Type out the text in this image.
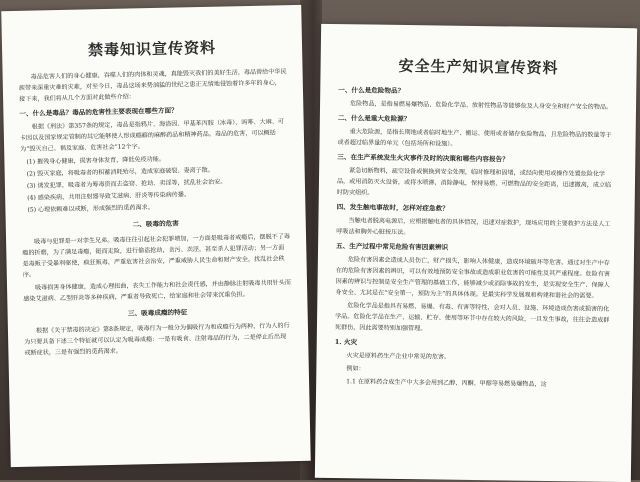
禁毒知识宣传资料

毒品危害人们的身心健康，吞噬人们的肉体和灵魂，真能毁灭我们的美好生活，毒品曾给中华民族带来深重灾难的灾难，对至今日，毒品这场来势汹猛的世纪之患正无情地侵蚀着许多年的身心，接下来，我们将从几个方面对此做些介绍：

一、什么是毒品？毒品的危害性主要表现在哪些方面？

根据《刑法》第357条的规定，毒品是指鸦片、海洛因、甲基苯丙胺（冰毒）、吗啡、大麻、可卡因以及国家规定管制的其它能够使人形成瘾癖的麻醉药品和精神药品。毒品的危害，可以概括为“毁灭自己、祸及家庭、危害社会”12个字。

(1) 摧残身心健康，损害身体发育，降低免疫功能。

(2) 毁灭家庭，将吸毒者的积蓄消耗殆尽，造成家庭破裂、妻离子散。

(3) 诱发犯罪，吸毒者为筹毒资而去盗窃、抢劫、卖淫等，扰乱社会治安。

(4) 感染疾病，共用注射器导致艾滋病、肝炎等传染病传播。

(5) 心理依赖难以戒断，形成强烈的觅药渴求。

二、吸毒的危害

吸毒与犯罪是一对孪生兄弟。吸毒往往引起社会犯罪增加，一方面是吸毒者戒瘾后，摆脱不了毒瘾的折磨，为了满足毒瘾，铤而走险，进行偷盗抢劫，贪污、卖淫，甚至杀人犯罪活动；另一方面是毒贩子受暴利驱使，疯狂贩毒，严重危害社会治安，严重威胁人民生命和财产安全，扰乱社会秩序。

吸毒损害身体健康，造成心理扭曲，丧失工作能力和社会责任感，并由静脉注射吸毒共用针头而感染艾滋病、乙型肝炎等多种疾病，严重者导致死亡，给家庭和社会带来沉重负担。

三、吸毒成瘾的特征

根据《关于禁毒的决定》第8条规定，吸毒行为一般分为偶吸行为和成瘾行为两种，行为人的行为只要具备下述三个特征就可以认定为吸毒成瘾：一是有吸食、注射毒品的行为，二是停止后出现戒断症状，三是有强烈的觅药渴求。

安全生产知识宣传资料

一、什么是危险物品？

危险物品，是指易燃易爆物品、危险化学品、放射性物品等能够危及人身安全和财产安全的物品。

二、什么是重大危险源？

重大危险源，是指长期地或者临时地生产、搬运、使用或者储存危险物品，且危险物品的数量等于或者超过临界量的单元（包括场所和设施）。

三、在生产系统发生火灾事件及时的决策和哪些内容报告？

紧急切断物料，疏空设备或倒换到安全处理，临时修理和固堵，或经向使用或操作处置危险化学品，或用消防灭火设备，或将水喷淋，消除静电，保持易燃、可燃物品的安全距离，迅速撤离，成立临时防灾组织。

四、发生触电事故时，怎样对症急救？

当触电者脱离电源后，应根据触电者的具体情况，迅速对症救护，现场应用的主要救护方法是人工呼吸法和胸外心脏按压法。

五、生产过程中常见危险有害因素辨识

危险有害因素会造成人员伤亡，财产损失，影响人体健康，造成环境破坏等危害。通过对生产中存在的危险有害因素的辨识，可以有效地预防安全事故或造成职业危害的可能性及其严重程度。危险有害因素的辨识与控制是安全生产管理的基础工作，能够减少或消除事故的发生，是实现安全生产、保障人身安全、尤其是在“安全第一，预防为主”的具体体现。是最实科学发展观和构建和谐社会的需要。

危险化学品是指具有易燃、易爆、有毒、有害等特性，会对人员、设施、环境造成伤害或损害的化学品。危险化学品在生产、运输、贮存、使用等环节中存在较大的风险，一旦发生事故，往往会造成群死群伤，因此需要特别加强管理。

1. 火灾

火灾是原料药生产企业中常见的危害。

例如：

1.1 在原料药合成生产中大多会用到乙醇、丙酮、甲醇等易燃易爆物品，这
